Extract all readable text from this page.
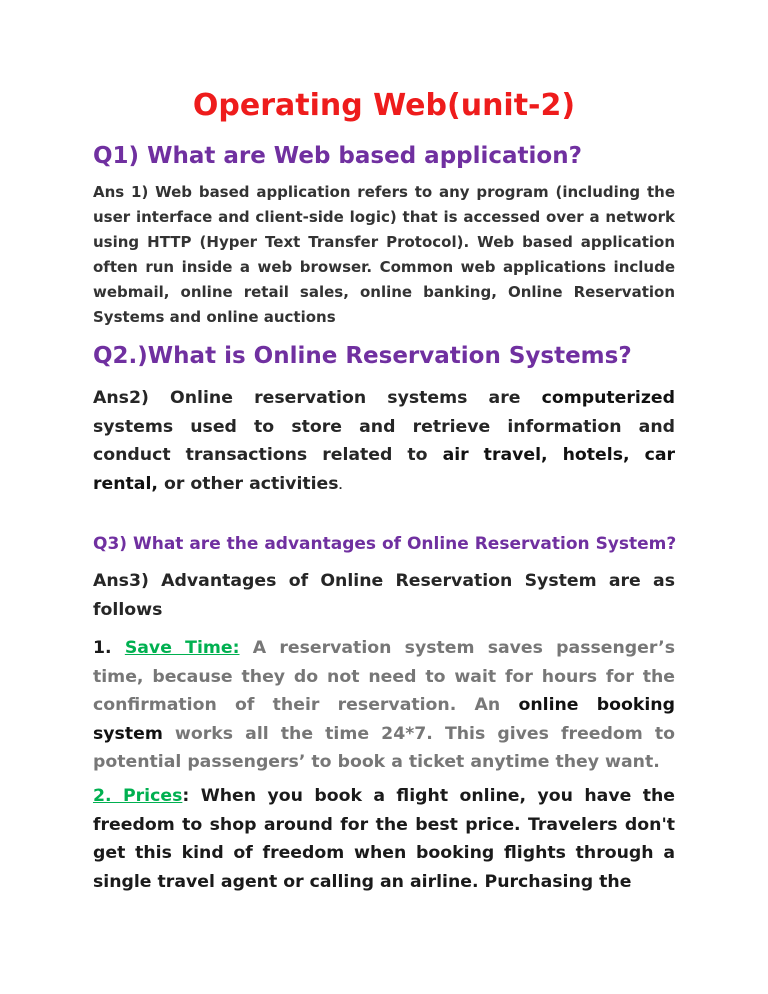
Operating Web(unit-2)
Q1) What are Web based application?

Ans 1) Web based application refers to any program (including the user interface and client-side logic) that is accessed over a network using HTTP (Hyper Text Transfer Protocol). Web based application often run inside a web browser. Common web applications include webmail, online retail sales, online banking, Online Reservation Systems and online auctions

Q2.)What is Online Reservation Systems?

Ans2) Online reservation systems are computerized systems used to store and retrieve information and conduct transactions related to air travel, hotels, car rental, or other activities.

Q3) What are the advantages of Online Reservation System?

Ans3) Advantages of Online Reservation System are as follows

1. Save Time: A reservation system saves passenger’s time, because they do not need to wait for hours for the confirmation of their reservation. An online booking system works all the time 24*7. This gives freedom to potential passengers’ to book a ticket anytime they want.

2. Prices: When you book a flight online, you have the freedom to shop around for the best price. Travelers don't get this kind of freedom when booking flights through a single travel agent or calling an airline. Purchasing the
